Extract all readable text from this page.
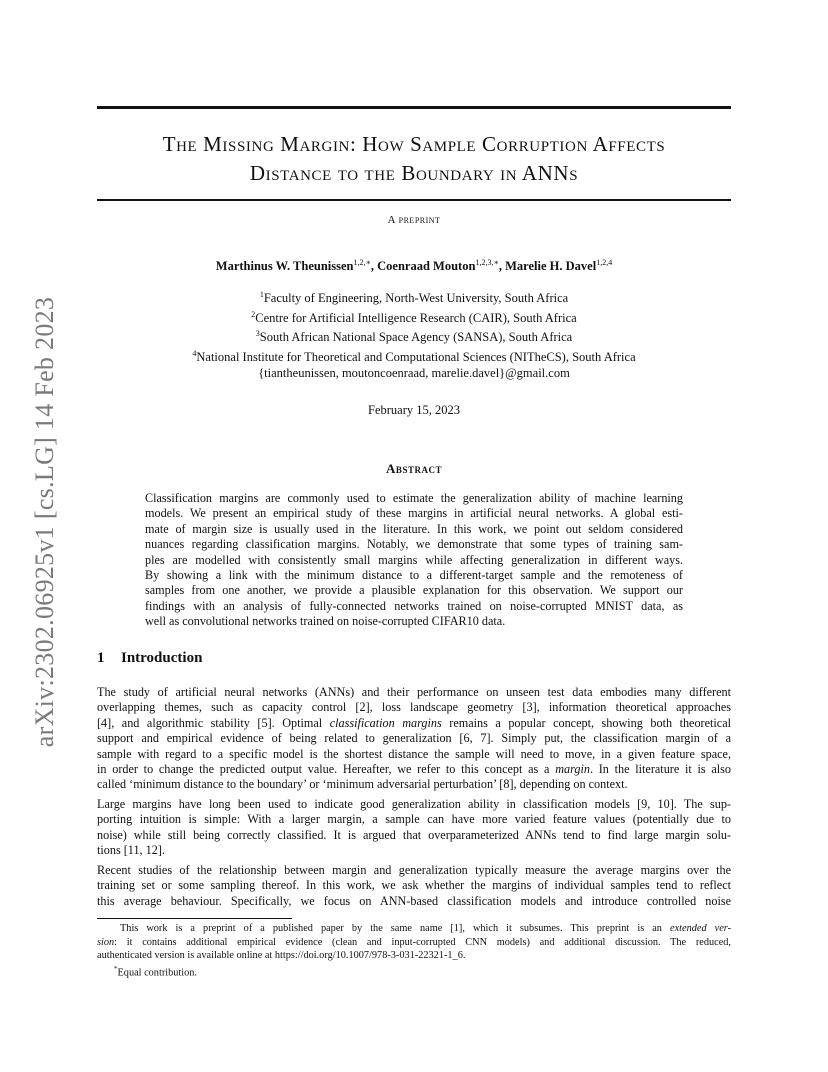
arXiv:2302.06925v1 [cs.LG] 14 Feb 2023
The Missing Margin: How Sample Corruption Affects
Distance to the Boundary in ANNs
A preprint
Marthinus W. Theunissen$^{1,2,∗}$, Coenraad Mouton$^{1,2,3,∗}$, Marelie H. Davel$^{1,2,4}$
$^1$Faculty of Engineering, North-West University, South Africa
$^2$Centre for Artificial Intelligence Research (CAIR), South Africa
$^3$South African National Space Agency (SANSA), South Africa
$^4$National Institute for Theoretical and Computational Sciences (NITheCS), South Africa
{tiantheunissen, moutoncoenraad, marelie.davel}@gmail.com
February 15, 2023
Abstract
Classification margins are commonly used to estimate the generalization ability of machine learning
models. We present an empirical study of these margins in artificial neural networks. A global esti-
mate of margin size is usually used in the literature. In this work, we point out seldom considered
nuances regarding classification margins. Notably, we demonstrate that some types of training sam-
ples are modelled with consistently small margins while affecting generalization in different ways.
By showing a link with the minimum distance to a different-target sample and the remoteness of
samples from one another, we provide a plausible explanation for this observation. We support our
findings with an analysis of fully-connected networks trained on noise-corrupted MNIST data, as
well as convolutional networks trained on noise-corrupted CIFAR10 data.
1 Introduction
The study of artificial neural networks (ANNs) and their performance on unseen test data embodies many different
overlapping themes, such as capacity control [2], loss landscape geometry [3], information theoretical approaches
[4], and algorithmic stability [5]. Optimal classification margins remains a popular concept, showing both theoretical
support and empirical evidence of being related to generalization [6, 7]. Simply put, the classification margin of a
sample with regard to a specific model is the shortest distance the sample will need to move, in a given feature space,
in order to change the predicted output value. Hereafter, we refer to this concept as a margin. In the literature it is also
called ‘minimum distance to the boundary’ or ‘minimum adversarial perturbation’ [8], depending on context.
Large margins have long been used to indicate good generalization ability in classification models [9, 10]. The sup-
porting intuition is simple: With a larger margin, a sample can have more varied feature values (potentially due to
noise) while still being correctly classified. It is argued that overparameterized ANNs tend to find large margin solu-
tions [11, 12].
Recent studies of the relationship between margin and generalization typically measure the average margins over the
training set or some sampling thereof. In this work, we ask whether the margins of individual samples tend to reflect
this average behaviour. Specifically, we focus on ANN-based classification models and introduce controlled noise
This work is a preprint of a published paper by the same name [1], which it subsumes. This preprint is an extended ver-
sion: it contains additional empirical evidence (clean and input-corrupted CNN models) and additional discussion. The reduced,
authenticated version is available online at https://doi.org/10.1007/978-3-031-22321-1_6.
*Equal contribution.
